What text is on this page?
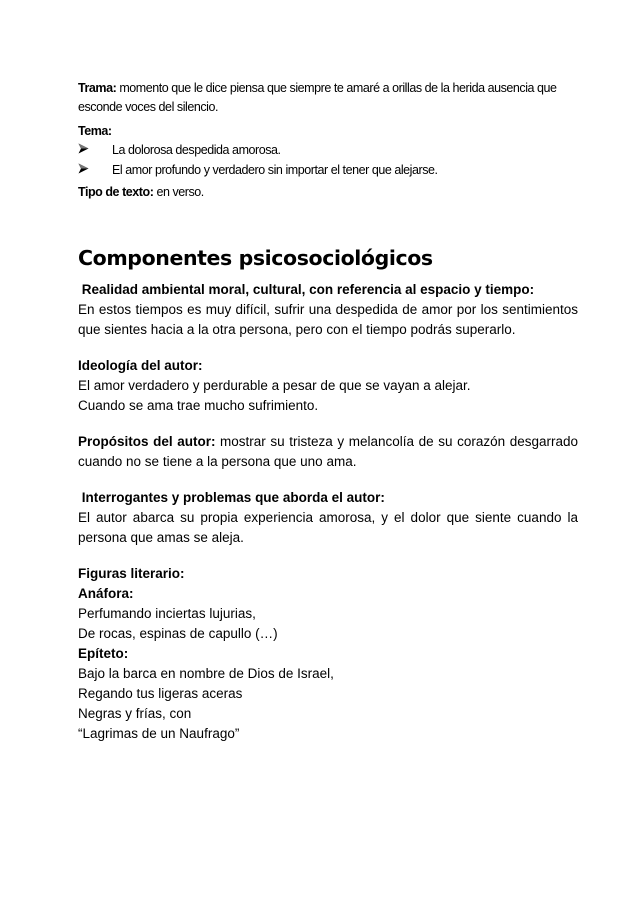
Trama: momento que le dice piensa que siempre te amaré a orillas de la herida ausencia que esconde voces del silencio.

Tema:

La dolorosa despedida amorosa.
El amor profundo y verdadero sin importar el tener que alejarse.

Tipo de texto: en verso.

Componentes psicosociológicos

Realidad ambiental moral, cultural, con referencia al espacio y tiempo:

En estos tiempos es muy difícil, sufrir una despedida de amor por los sentimientos que sientes hacia a la otra persona, pero con el tiempo podrás superarlo.

Ideología del autor:

El amor verdadero y perdurable a pesar de que se vayan a alejar.

Cuando se ama trae mucho sufrimiento.

Propósitos del autor: mostrar su tristeza y melancolía de su corazón desgarrado cuando no se tiene a la persona que uno ama.

Interrogantes y problemas que aborda el autor:

El autor abarca su propia experiencia amorosa, y el dolor que siente cuando la persona que amas se aleja.

Figuras literario:

Anáfora:

Perfumando inciertas lujurias,

De rocas, espinas de capullo (…)

Epíteto:

Bajo la barca en nombre de Dios de Israel,

Regando tus ligeras aceras

Negras y frías, con

“Lagrimas de un Naufrago”
